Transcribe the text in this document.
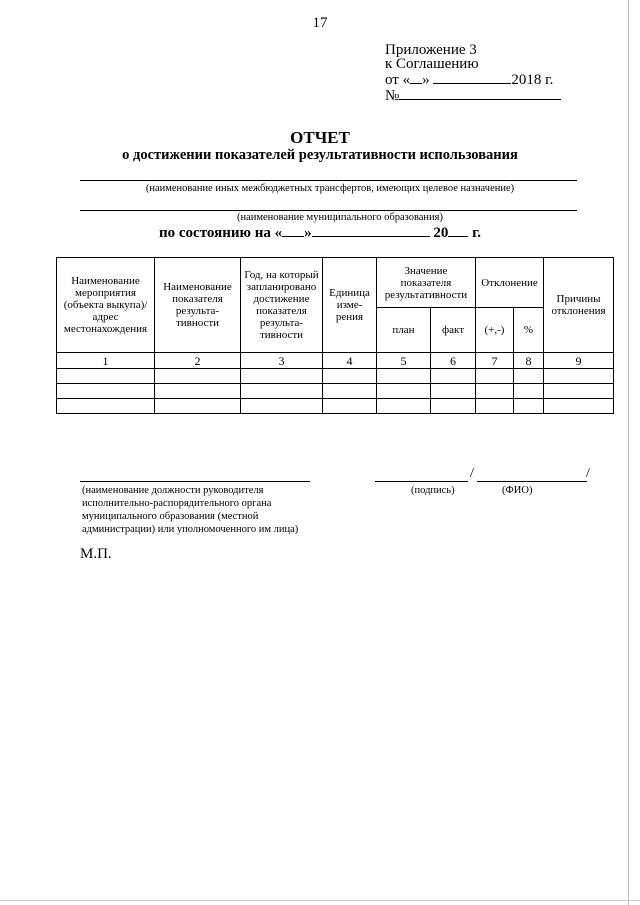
17
Приложение 3
к Соглашению
от « »	2018 г.
№
ОТЧЕТ
о достижении показателей результативности использования
(наименование иных межбюджетных трансфертов, имеющих целевое назначение)
(наименование муниципального образования)
по состоянию на « »	20 г.
Наименование мероприятия (объекта выкупа)/ адрес местонахождения	Наименование показателя результа-тивности	Год, на который запланировано достижение показателя результа-тивности	Единица изме-рения	Значение показателя результативности		Отклонение		Причины отклонения
				план	факт	(+,-)	%	
1	2	3	4	5	6	7	8	9

(наименование должности руководителя
исполнительно-распорядительного органа
муниципального образования (местной
администрации) или уполномоченного им лица)
/	/
(подпись)	(ФИО)
М.П.
